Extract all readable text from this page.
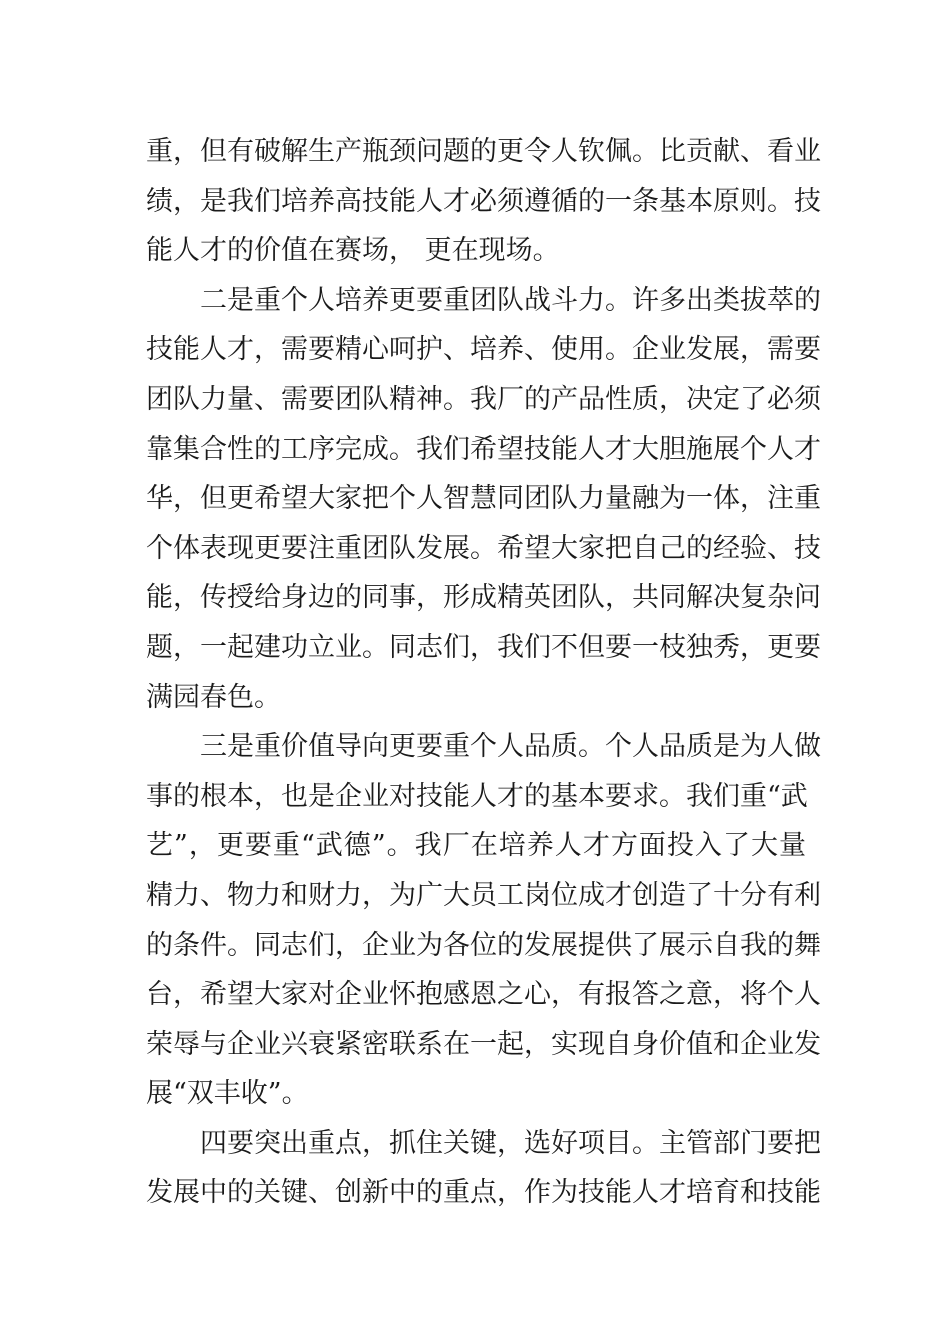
重，但有破解生产瓶颈问题的更令人钦佩。比贡献、看业
绩，是我们培养高技能人才必须遵循的一条基本原则。技
能人才的价值在赛场， 更在现场。
二是重个人培养更要重团队战斗力。许多出类拔萃的
技能人才，需要精心呵护、培养、使用。企业发展，需要
团队力量、需要团队精神。我厂的产品性质，决定了必须
靠集合性的工序完成。我们希望技能人才大胆施展个人才
华，但更希望大家把个人智慧同团队力量融为一体，注重
个体表现更要注重团队发展。希望大家把自己的经验、技
能，传授给身边的同事，形成精英团队，共同解决复杂问
题，一起建功立业。同志们，我们不但要一枝独秀，更要
满园春色。
三是重价值导向更要重个人品质。个人品质是为人做
事的根本，也是企业对技能人才的基本要求。我们重“武
艺”，更要重“武德”。我厂在培养人才方面投入了大量
精力、物力和财力，为广大员工岗位成才创造了十分有利
的条件。同志们，企业为各位的发展提供了展示自我的舞
台，希望大家对企业怀抱感恩之心，有报答之意，将个人
荣辱与企业兴衰紧密联系在一起，实现自身价值和企业发
展“双丰收”。
四要突出重点，抓住关键，选好项目。主管部门要把
发展中的关键、创新中的重点，作为技能人才培育和技能
